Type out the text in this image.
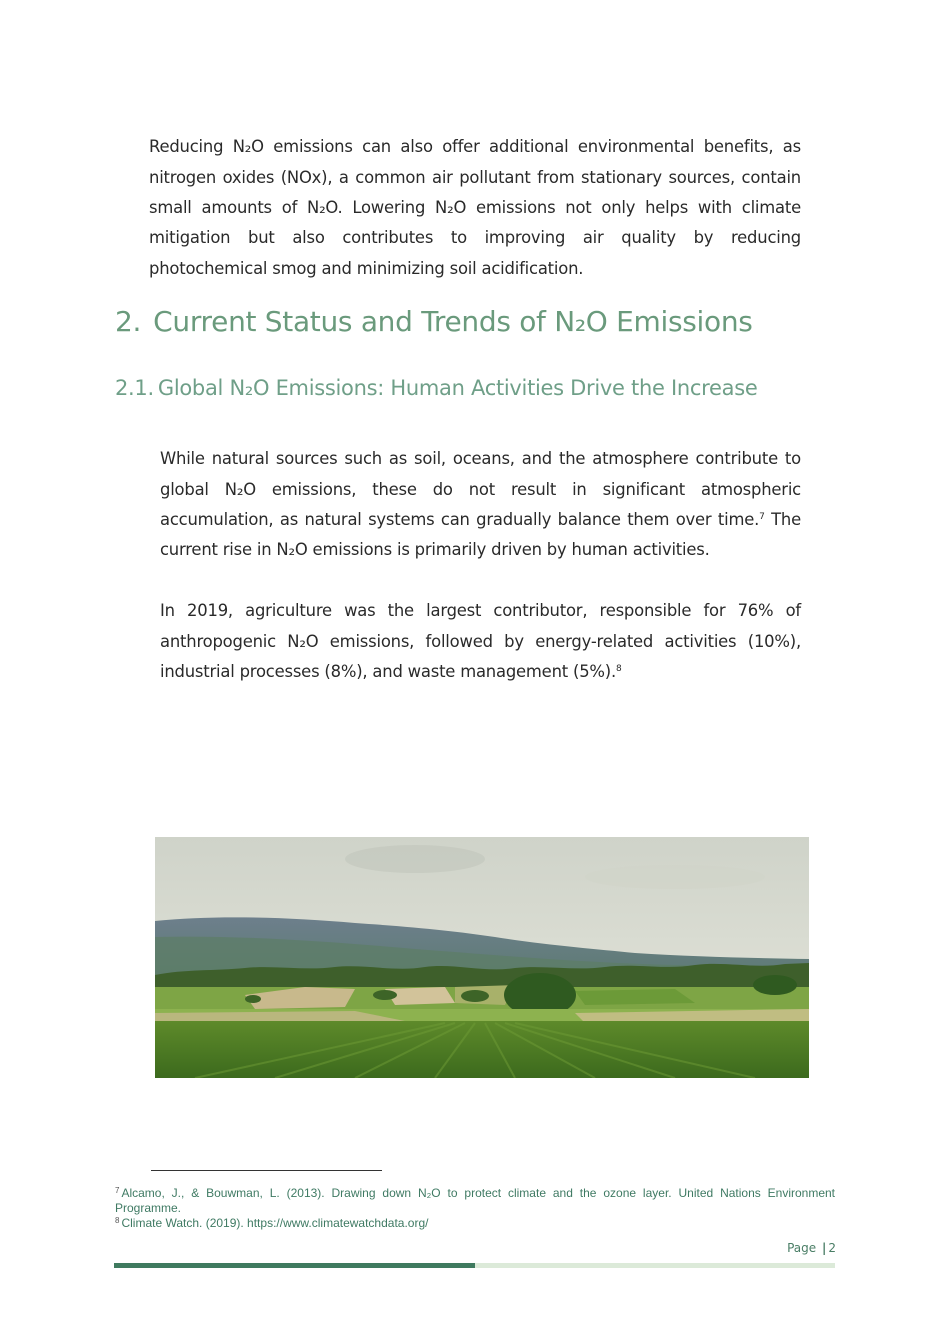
Reducing N₂O emissions can also offer additional environmental benefits, as nitrogen oxides (NOx), a common air pollutant from stationary sources, contain small amounts of N₂O. Lowering N₂O emissions not only helps with climate mitigation but also contributes to improving air quality by reducing photochemical smog and minimizing soil acidification.

2. Current Status and Trends of N₂O Emissions
2.1. Global N₂O Emissions: Human Activities Drive the Increase

While natural sources such as soil, oceans, and the atmosphere contribute to global N₂O emissions, these do not result in significant atmospheric accumulation, as natural systems can gradually balance them over time.$^7$ The current rise in N₂O emissions is primarily driven by human activities.

In 2019, agriculture was the largest contributor, responsible for 76% of anthropogenic N₂O emissions, followed by energy-related activities (10%), industrial processes (8%), and waste management (5%).$^8$

$^7$ Alcamo, J., & Bouwman, L. (2013). Drawing down N₂O to protect climate and the ozone layer. United Nations Environment Programme.

$^8$ Climate Watch. (2019). https://www.climatewatchdata.org/

Page | 2
